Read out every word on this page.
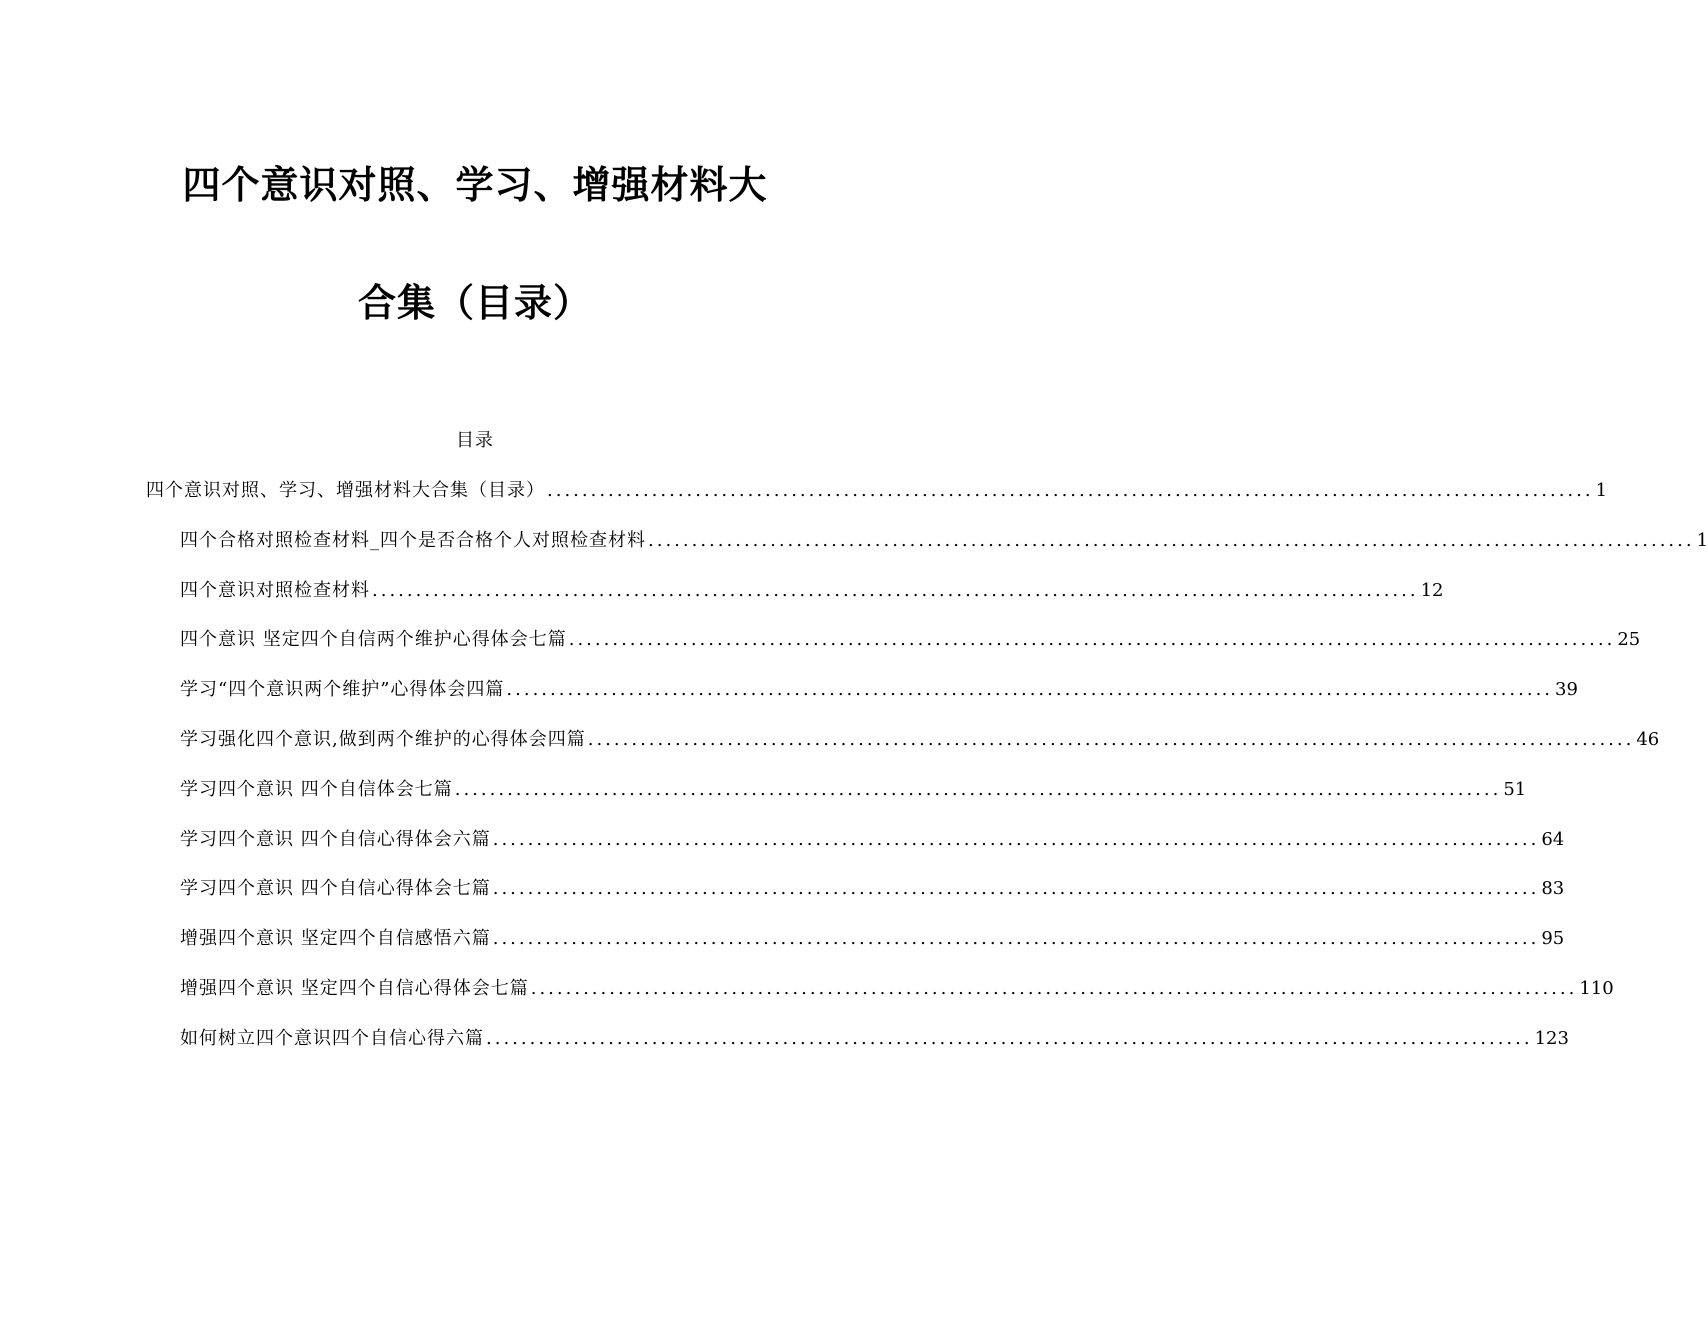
四个意识对照、学习、增强材料大
合集（目录）
目录
四个意识对照、学习、增强材料大合集（目录） ........................................................................................................................ 1
四个合格对照检查材料_四个是否合格个人对照检查材料 ........................................................................................................................ 1
四个意识对照检查材料 ........................................................................................................................ 12
四个意识 坚定四个自信两个维护心得体会七篇 ........................................................................................................................ 25
学习“四个意识两个维护”心得体会四篇 ........................................................................................................................ 39
学习强化四个意识,做到两个维护的心得体会四篇 ........................................................................................................................ 46
学习四个意识 四个自信体会七篇 ........................................................................................................................ 51
学习四个意识 四个自信心得体会六篇 ........................................................................................................................ 64
学习四个意识 四个自信心得体会七篇 ........................................................................................................................ 83
增强四个意识 坚定四个自信感悟六篇 ........................................................................................................................ 95
增强四个意识 坚定四个自信心得体会七篇 ........................................................................................................................ 110
如何树立四个意识四个自信心得六篇 ........................................................................................................................ 123
